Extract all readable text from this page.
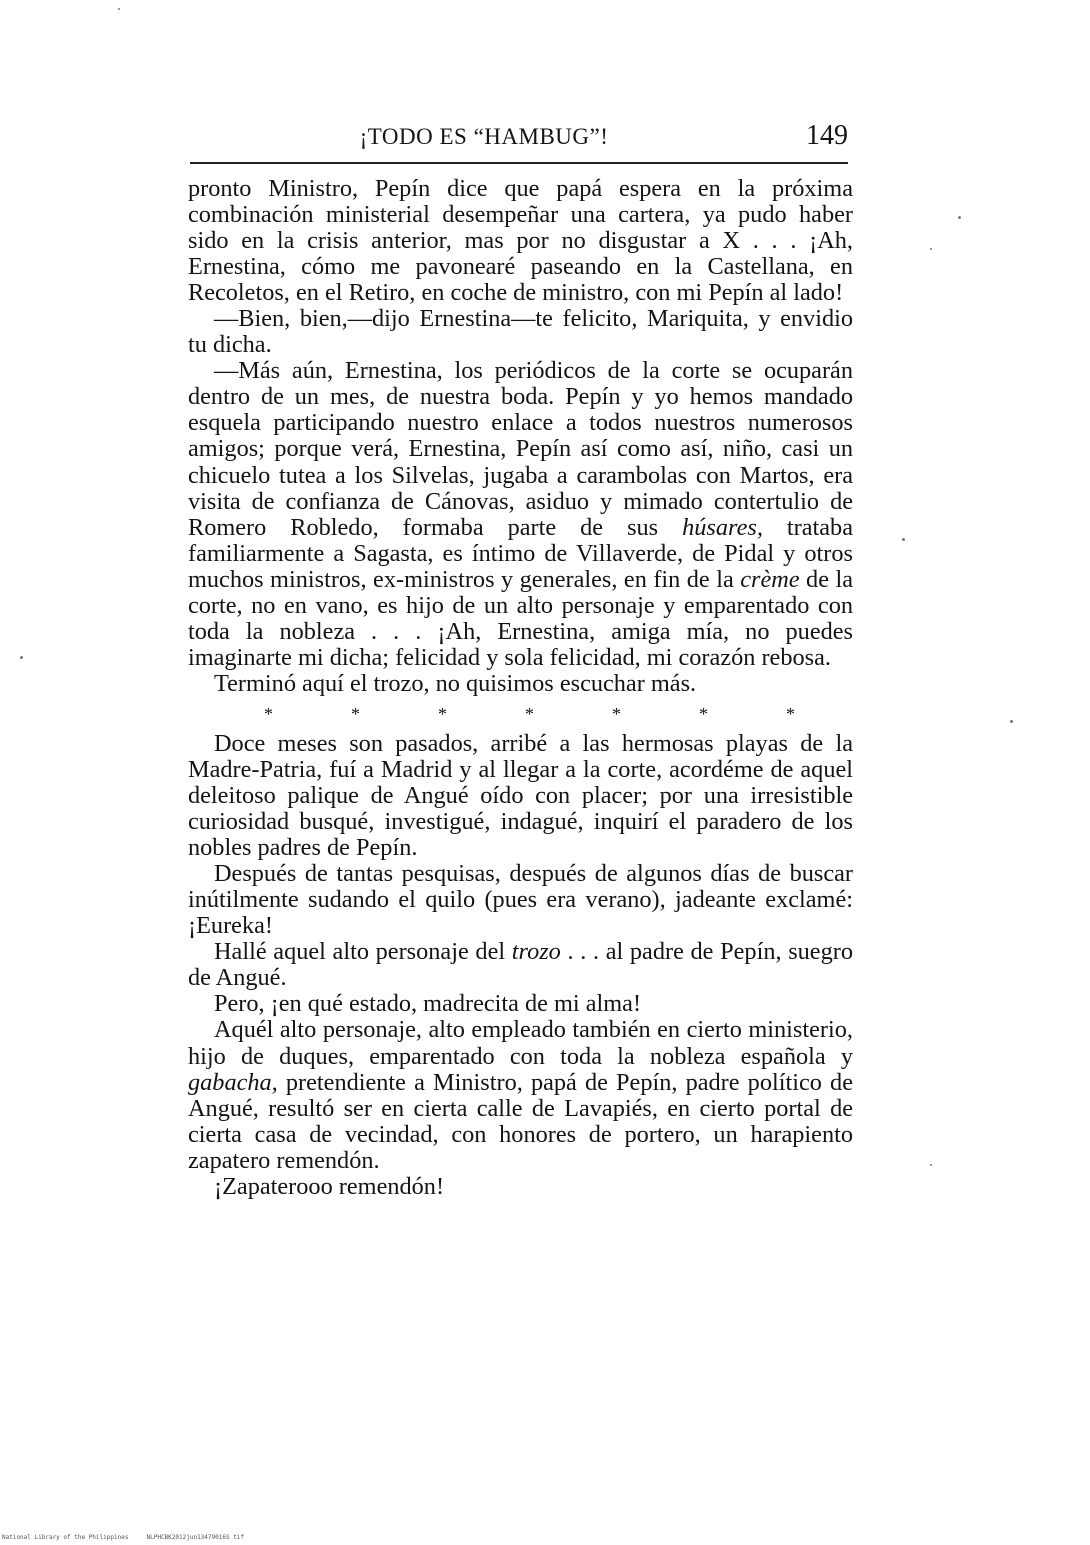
¡TODO ES “HAMBUG”!	149

pronto Ministro, Pepín dice que papá espera en la próxima combinación ministerial desempeñar una cartera, ya pudo haber sido en la crisis anterior, mas por no disgustar a X . . . ¡Ah, Ernestina, cómo me pavonearé paseando en la Castellana, en Recoletos, en el Retiro, en coche de ministro, con mi Pepín al lado!

—Bien, bien,—dijo Ernestina—te felicito, Mariquita, y envidio tu dicha.

—Más aún, Ernestina, los periódicos de la corte se ocuparán dentro de un mes, de nuestra boda. Pepín y yo hemos mandado esquela participando nuestro enlace a todos nuestros numerosos amigos; porque verá, Ernestina, Pepín así como así, niño, casi un chicuelo tutea a los Silvelas, jugaba a carambolas con Martos, era visita de confianza de Cánovas, asiduo y mimado contertulio de Romero Robledo, formaba parte de sus húsares, trataba familiarmente a Sagasta, es íntimo de Villaverde, de Pidal y otros muchos ministros, ex-ministros y generales, en fin de la crème de la corte, no en vano, es hijo de un alto personaje y emparentado con toda la nobleza . . . ¡Ah, Ernestina, amiga mía, no puedes imaginarte mi dicha; felicidad y sola felicidad, mi corazón rebosa.

Terminó aquí el trozo, no quisimos escuchar más.

*	*	*	*	*	*	*

Doce meses son pasados, arribé a las hermosas playas de la Madre-Patria, fuí a Madrid y al llegar a la corte, acordéme de aquel deleitoso palique de Angué oído con placer; por una irresistible curiosidad busqué, investigué, indagué, inquirí el paradero de los nobles padres de Pepín.

Después de tantas pesquisas, después de algunos días de buscar inútilmente sudando el quilo (pues era verano), jadeante exclamé: ¡Eureka!

Hallé aquel alto personaje del trozo . . . al padre de Pepín, suegro de Angué.

Pero, ¡en qué estado, madrecita de mi alma!

Aquél alto personaje, alto empleado también en cierto ministerio, hijo de duques, emparentado con toda la nobleza española y gabacha, pretendiente a Ministro, papá de Pepín, padre político de Angué, resultó ser en cierta calle de Lavapiés, en cierto portal de cierta casa de vecindad, con honores de portero, un harapiento zapatero remendón.

¡Zapaterooo remendón!

National Library of the Philippines     NLPHCBK2012jun13479016S tif
